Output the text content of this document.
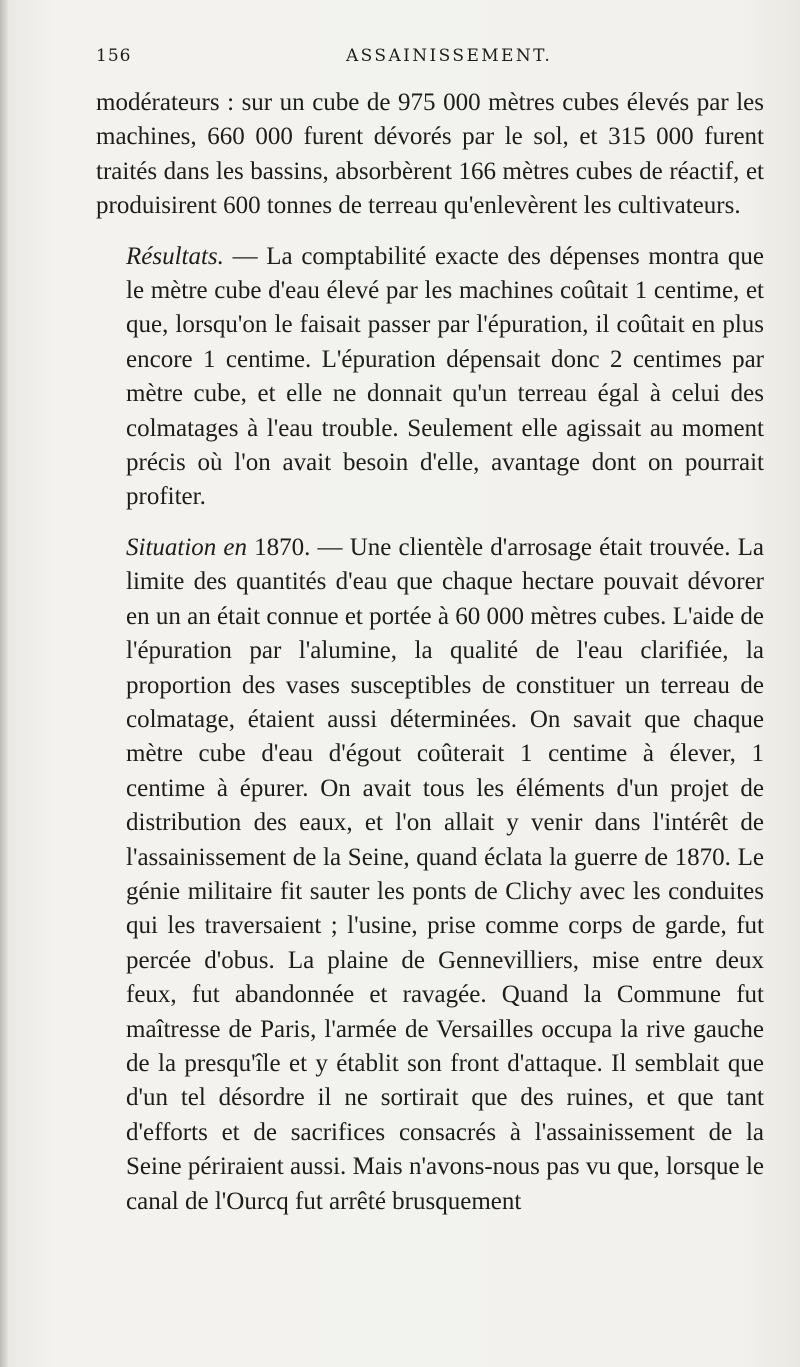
156	ASSAINISSEMENT.

modérateurs : sur un cube de 975 000 mètres cubes élevés par les machines, 660 000 furent dévorés par le sol, et 315 000 furent traités dans les bassins, absorbèrent 166 mètres cubes de réactif, et produisirent 600 tonnes de terreau qu'enlevèrent les cultivateurs.

Résultats. — La comptabilité exacte des dépenses montra que le mètre cube d'eau élevé par les machines coûtait 1 centime, et que, lorsqu'on le faisait passer par l'épuration, il coûtait en plus encore 1 centime. L'épuration dépensait donc 2 centimes par mètre cube, et elle ne donnait qu'un terreau égal à celui des colmatages à l'eau trouble. Seulement elle agissait au moment précis où l'on avait besoin d'elle, avantage dont on pourrait profiter.

Situation en 1870. — Une clientèle d'arrosage était trouvée. La limite des quantités d'eau que chaque hectare pouvait dévorer en un an était connue et portée à 60 000 mètres cubes. L'aide de l'épuration par l'alumine, la qualité de l'eau clarifiée, la proportion des vases susceptibles de constituer un terreau de colmatage, étaient aussi déterminées. On savait que chaque mètre cube d'eau d'égout coûterait 1 centime à élever, 1 centime à épurer. On avait tous les éléments d'un projet de distribution des eaux, et l'on allait y venir dans l'intérêt de l'assainissement de la Seine, quand éclata la guerre de 1870. Le génie militaire fit sauter les ponts de Clichy avec les conduites qui les traversaient ; l'usine, prise comme corps de garde, fut percée d'obus. La plaine de Gennevilliers, mise entre deux feux, fut abandonnée et ravagée. Quand la Commune fut maîtresse de Paris, l'armée de Versailles occupa la rive gauche de la presqu'île et y établit son front d'attaque. Il semblait que d'un tel désordre il ne sortirait que des ruines, et que tant d'efforts et de sacrifices consacrés à l'assainissement de la Seine périraient aussi. Mais n'avons-nous pas vu que, lorsque le canal de l'Ourcq fut arrêté brusquement
